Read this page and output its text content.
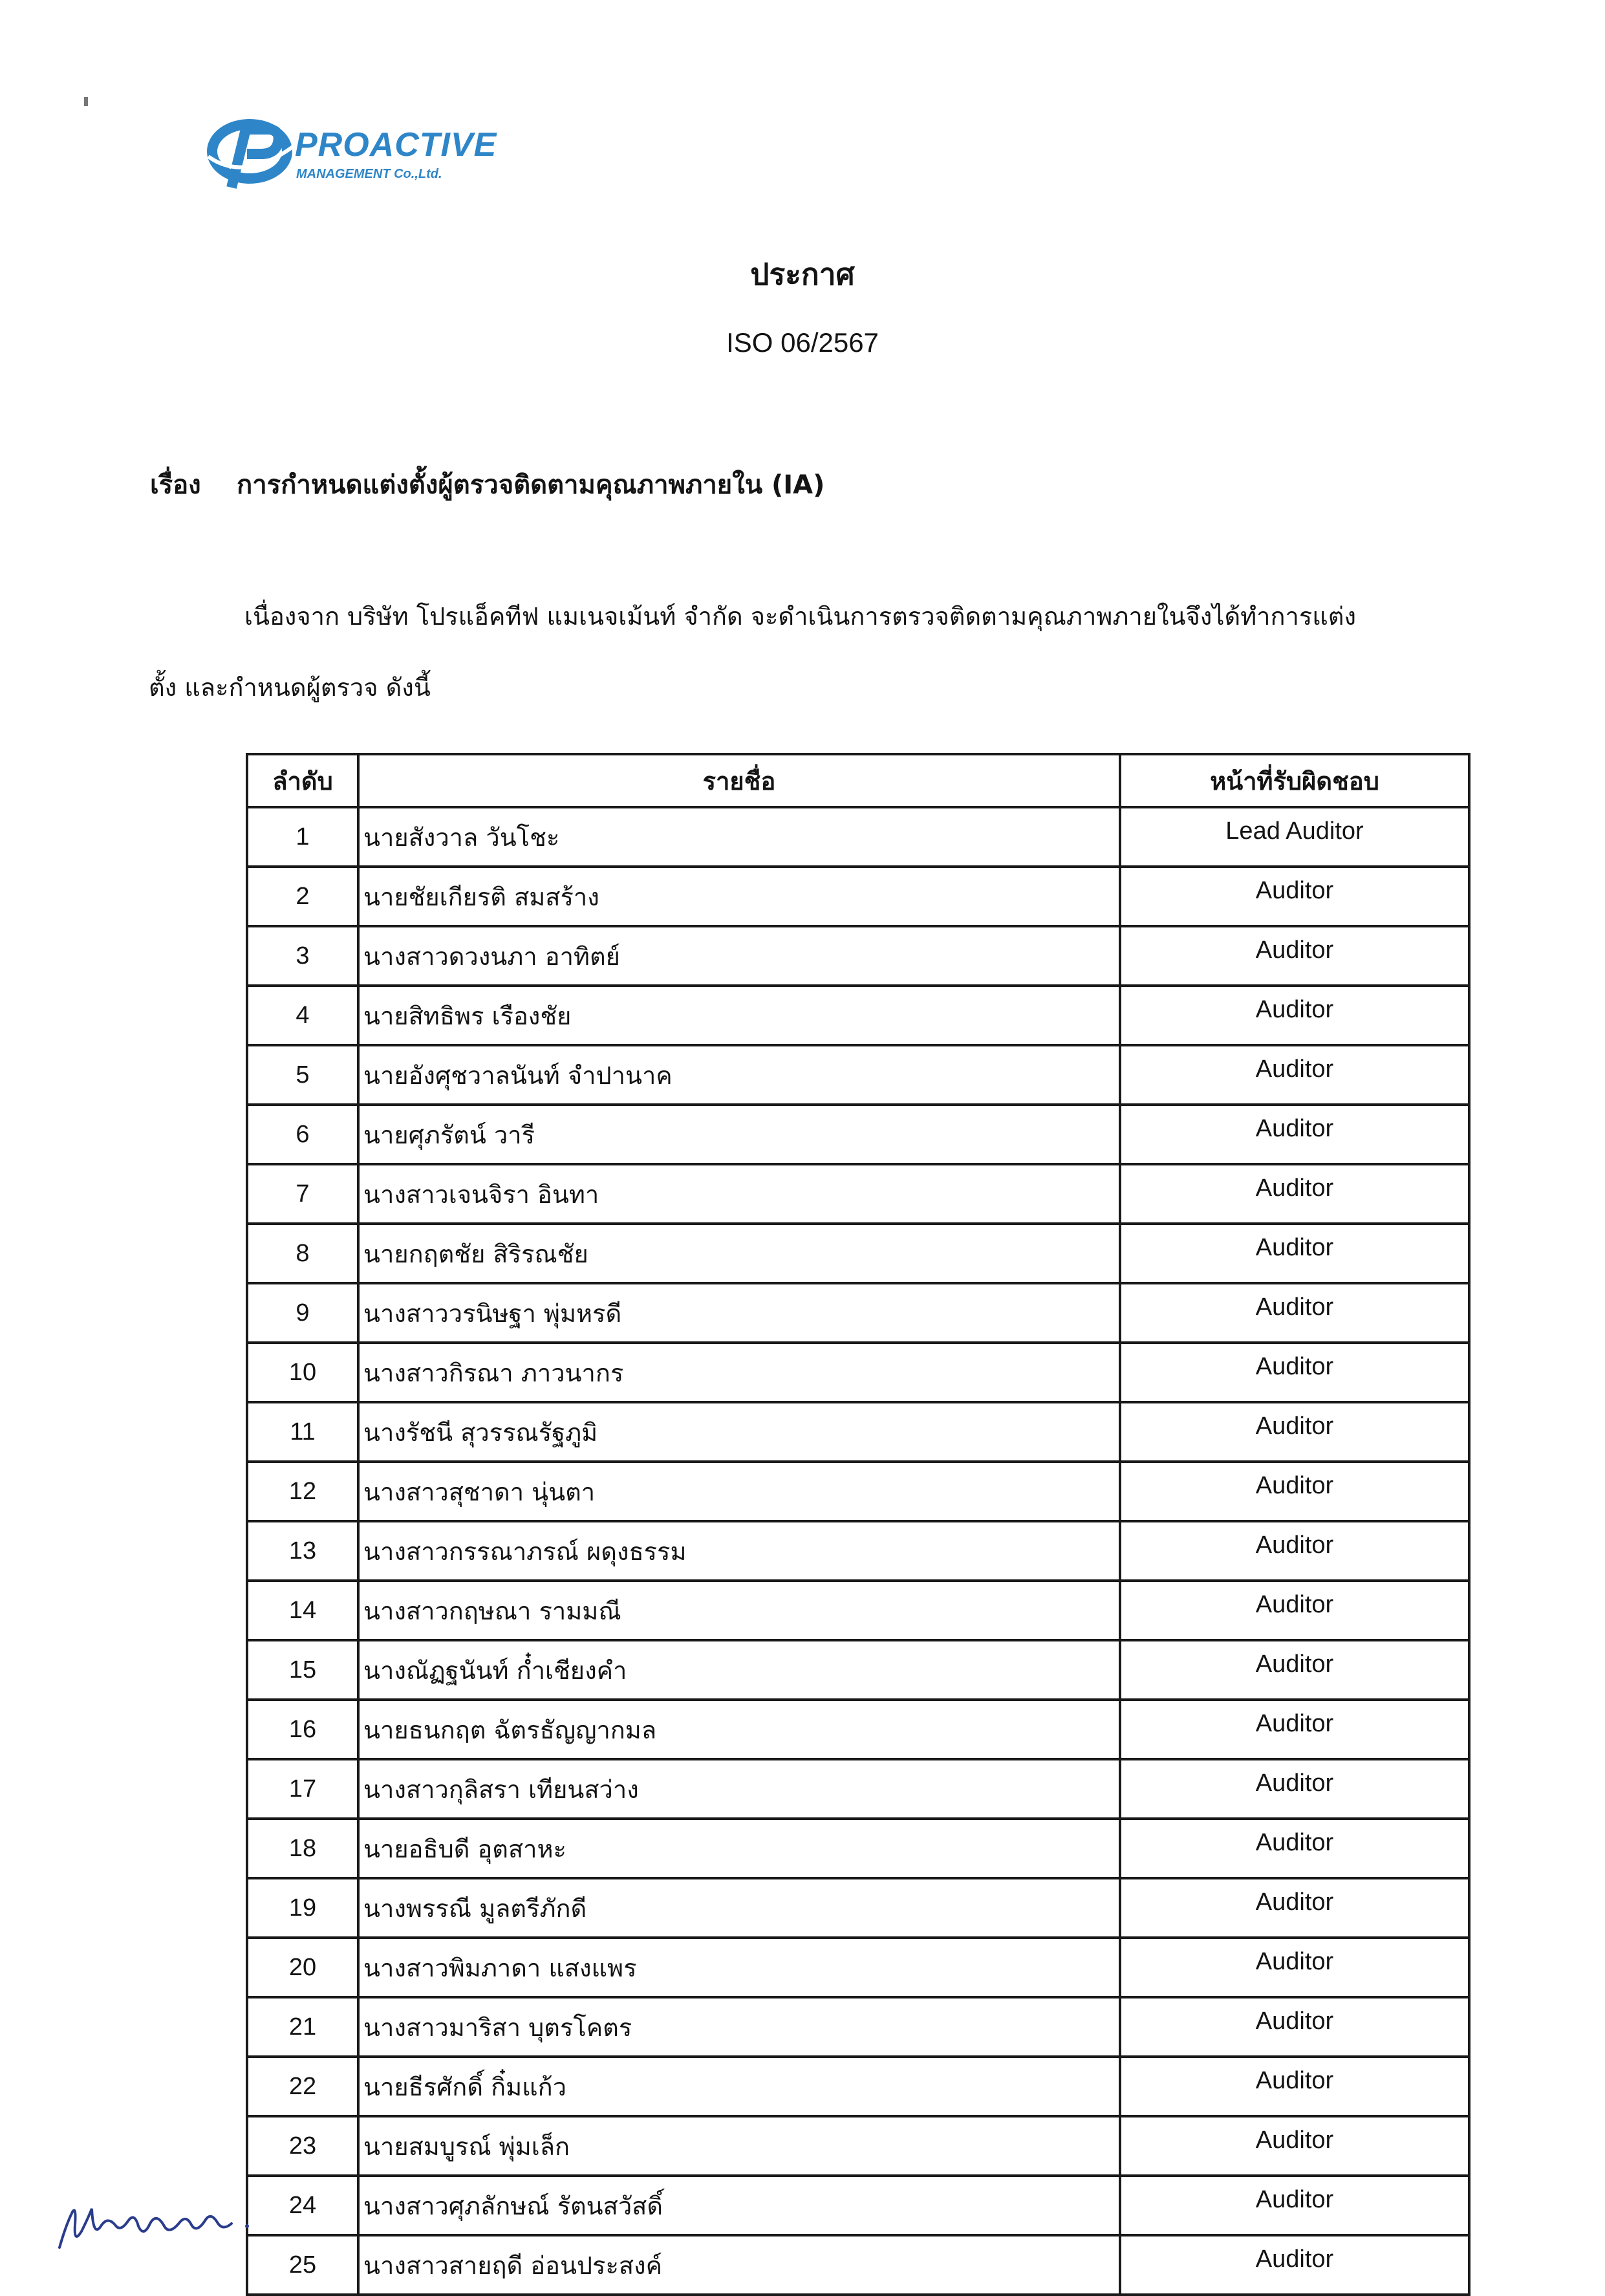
PROACTIVE
MANAGEMENT Co.,Ltd.
ประกาศ
ISO 06/2567
เรื่อง การกำหนดแต่งตั้งผู้ตรวจติดตามคุณภาพภายใน (IA)
เนื่องจาก บริษัท โปรแอ็คทีฟ แมเนจเม้นท์ จำกัด จะดำเนินการตรวจติดตามคุณภาพภายในจึงได้ทำการแต่งตั้ง และกำหนดผู้ตรวจ ดังนี้
ลำดับ	รายชื่อ	หน้าที่รับผิดชอบ
1	นายสังวาล วันโชะ	Lead Auditor
2	นายชัยเกียรติ สมสร้าง	Auditor
3	นางสาวดวงนภา อาทิตย์	Auditor
4	นายสิทธิพร เรืองชัย	Auditor
5	นายอังศุชวาลนันท์ จำปานาค	Auditor
6	นายศุภรัตน์ วารี	Auditor
7	นางสาวเจนจิรา อินทา	Auditor
8	นายกฤตชัย สิริรณชัย	Auditor
9	นางสาววรนิษฐา พุ่มหรดี	Auditor
10	นางสาวกิรณา ภาวนากร	Auditor
11	นางรัชนี สุวรรณรัฐภูมิ	Auditor
12	นางสาวสุชาดา นุ่นตา	Auditor
13	นางสาวกรรณาภรณ์ ผดุงธรรม	Auditor
14	นางสาวกฤษณา รามมณี	Auditor
15	นางณัฏฐนันท์ ก๋ำเชียงคำ	Auditor
16	นายธนกฤต ฉัตรธัญญากมล	Auditor
17	นางสาวกุลิสรา เทียนสว่าง	Auditor
18	นายอธิบดี อุตสาหะ	Auditor
19	นางพรรณี มูลตรีภักดี	Auditor
20	นางสาวพิมภาดา แสงแพร	Auditor
21	นางสาวมาริสา บุตรโคตร	Auditor
22	นายธีรศักดิ์ กิ๋มแก้ว	Auditor
23	นายสมบูรณ์ พุ่มเล็ก	Auditor
24	นางสาวศุภลักษณ์ รัตนสวัสดิ์	Auditor
25	นางสาวสายฤดี อ่อนประสงค์	Auditor
